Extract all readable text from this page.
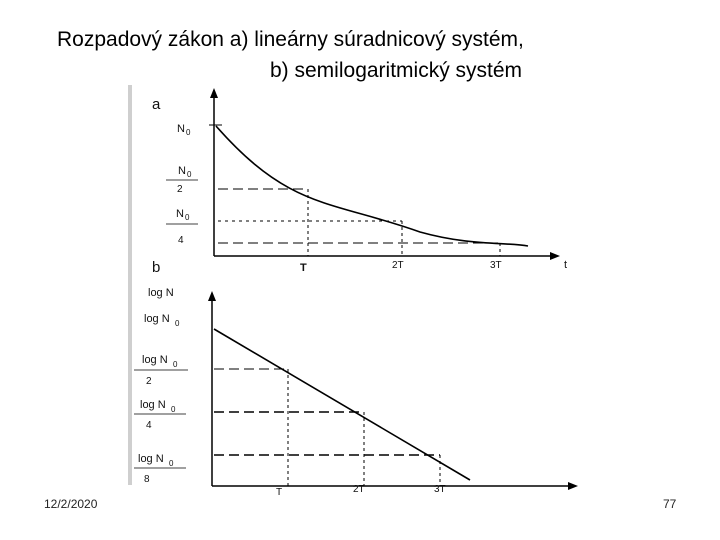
Rozpadový zákon a) lineárny súradnicový systém,
b) semilogaritmický systém
a
t
N 0
N 0
2
N 0
4
T	2T	3T
b
log N
log N 0
log N 0
2
log N 0
4
log N 0
8
T	2T	3T
12/2/2020	77
